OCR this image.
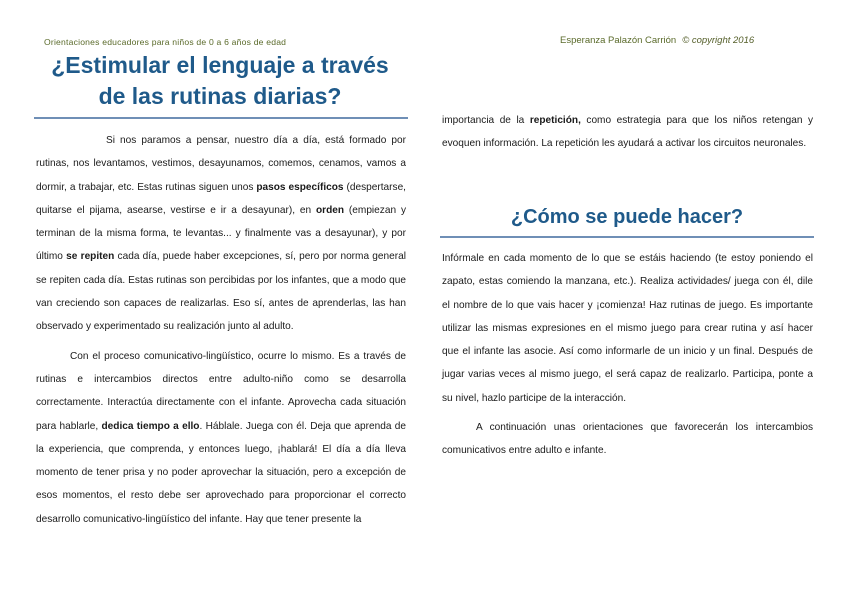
Orientaciones educadores para niños de 0 a 6 años de edad	Esperanza Palazón Carrión © copyright 2016
¿Estimular el lenguaje a través
de las rutinas diarias?

Si nos paramos a pensar, nuestro día a día, está formado por rutinas, nos levantamos, vestimos, desayunamos, comemos, cenamos, vamos a dormir, a trabajar, etc. Estas rutinas siguen unos pasos específicos (despertarse, quitarse el pijama, asearse, vestirse e ir a desayunar), en orden (empiezan y terminan de la misma forma, te levantas... y finalmente vas a desayunar), y por último se repiten cada día, puede haber excepciones, sí, pero por norma general se repiten cada día. Estas rutinas son percibidas por los infantes, que a modo que van creciendo son capaces de realizarlas. Eso sí, antes de aprenderlas, las han observado y experimentado su realización junto al adulto.

Con el proceso comunicativo-lingüístico, ocurre lo mismo. Es a través de rutinas e intercambios directos entre adulto-niño como se desarrolla correctamente. Interactúa directamente con el infante. Aprovecha cada situación para hablarle, dedica tiempo a ello. Háblale. Juega con él. Deja que aprenda de la experiencia, que comprenda, y entonces luego, ¡hablará! El día a día lleva momento de tener prisa y no poder aprovechar la situación, pero a excepción de esos momentos, el resto debe ser aprovechado para proporcionar el correcto desarrollo comunicativo-lingüístico del infante. Hay que tener presente la

importancia de la repetición, como estrategia para que los niños retengan y evoquen información. La repetición les ayudará a activar los circuitos neuronales.

¿Cómo se puede hacer?

Infórmale en cada momento de lo que se estáis haciendo (te estoy poniendo el zapato, estas comiendo la manzana, etc.). Realiza actividades/ juega con él, dile el nombre de lo que vais hacer y ¡comienza! Haz rutinas de juego. Es importante utilizar las mismas expresiones en el mismo juego para crear rutina y así hacer que el infante las asocie. Así como informarle de un inicio y un final. Después de jugar varias veces al mismo juego, el será capaz de realizarlo. Participa, ponte a su nivel, hazlo participe de la interacción.

A continuación unas orientaciones que favorecerán los intercambios comunicativos entre adulto e infante.
